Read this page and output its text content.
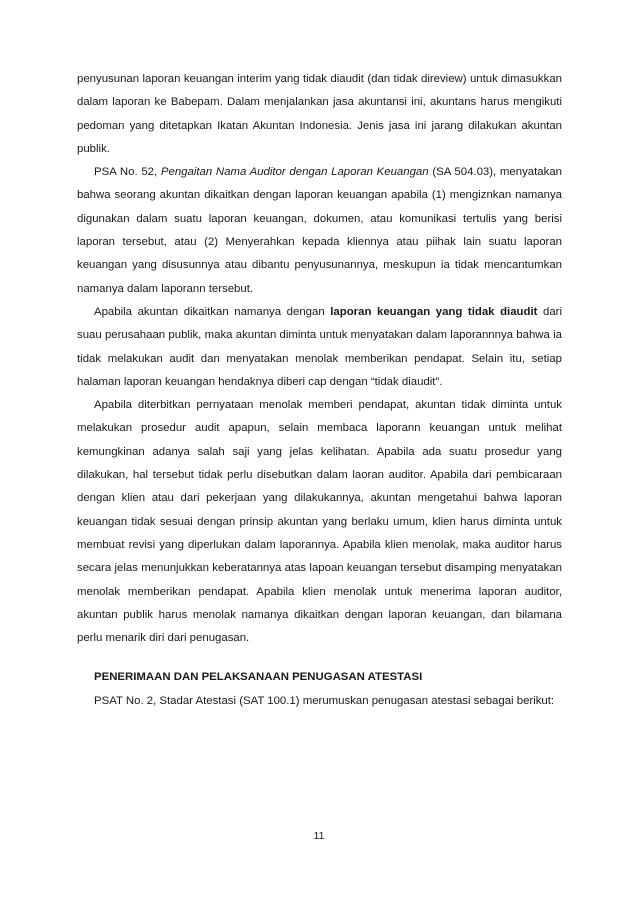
penyusunan laporan keuangan interim yang tidak diaudit (dan tidak direview) untuk dimasukkan dalam laporan ke Babepam. Dalam menjalankan jasa akuntansi ini, akuntans harus mengikuti pedoman yang ditetapkan Ikatan Akuntan Indonesia. Jenis jasa ini jarang dilakukan akuntan publik.

PSA No. 52, Pengaitan Nama Auditor dengan Laporan Keuangan (SA 504.03), menyatakan bahwa seorang akuntan dikaitkan dengan laporan keuangan apabila (1) mengiznkan namanya digunakan dalam suatu laporan keuangan, dokumen, atau komunikasi tertulis yang berisi laporan tersebut, atau (2) Menyerahkan kepada kliennya atau piihak lain suatu laporan keuangan yang disusunnya atau dibantu penyusunannya, meskupun ia tidak mencantumkan namanya dalam laporann tersebut.

Apabila akuntan dikaitkan namanya dengan laporan keuangan yang tidak diaudit dari suau perusahaan publik, maka akuntan diminta untuk menyatakan dalam laporannnya bahwa ia tidak melakukan audit dan menyatakan menolak memberikan pendapat. Selain itu, setiap halaman laporan keuangan hendaknya diberi cap dengan “tidak diaudit”.

Apabila diterbitkan pernyataan menolak memberi pendapat, akuntan tidak diminta untuk melakukan prosedur audit apapun, selain membaca laporann keuangan untuk melihat kemungkinan adanya salah saji yang jelas kelihatan. Apabila ada suatu prosedur yang dilakukan, hal tersebut tidak perlu disebutkan dalam laoran auditor. Apabila dari pembicaraan dengan klien atau dari pekerjaan yang dilakukannya, akuntan mengetahui bahwa laporan keuangan tidak sesuai dengan prinsip akuntan yang berlaku umum, klien harus diminta untuk membuat revisi yang diperlukan dalam laporannya. Apabila klien menolak, maka auditor harus secara jelas menunjukkan keberatannya atas lapoan keuangan tersebut disamping menyatakan menolak memberikan pendapat. Apabila klien menolak untuk menerima laporan auditor, akuntan publik harus menolak namanya dikaitkan dengan laporan keuangan, dan bilamana perlu menarik diri dari penugasan.

PENERIMAAN DAN PELAKSANAAN PENUGASAN ATESTASI

PSAT No. 2, Stadar Atestasi (SAT 100.1) merumuskan penugasan atestasi sebagai berikut:

11
